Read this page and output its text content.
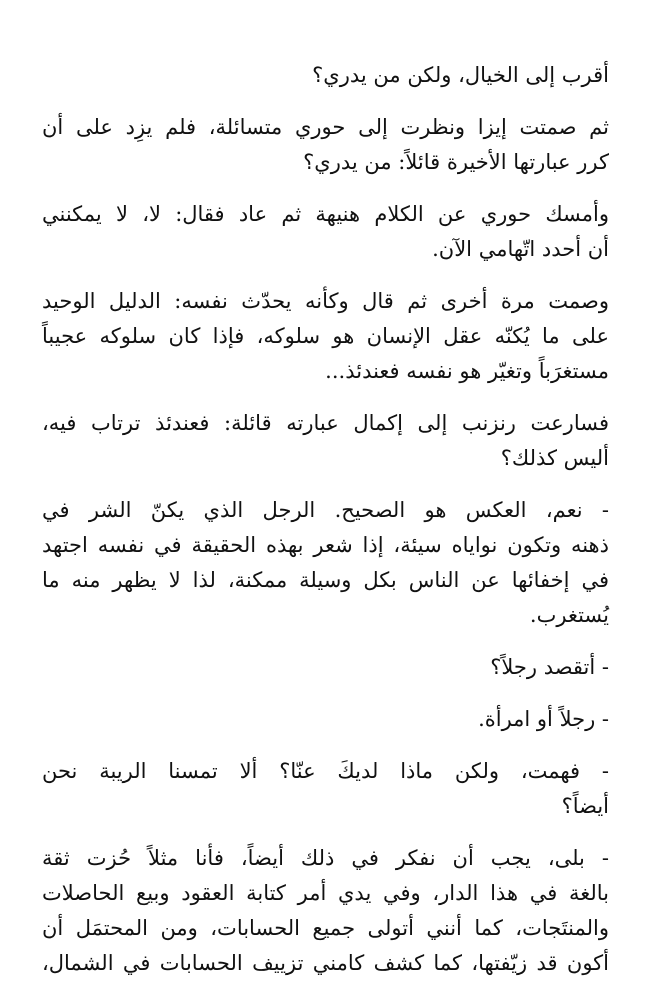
أقرب إلى الخيال، ولكن من يدري؟
ثم صمتت إيزا ونظرت إلى حوري متسائلة، فلم يزِد على أن
كرر عبارتها الأخيرة قائلاً: من يدري؟
وأمسك حوري عن الكلام هنيهة ثم عاد فقال: لا، لا يمكنني
أن أحدد اتّهامي الآن.
وصمت مرة أخرى ثم قال وكأنه يحدّث نفسه: الدليل الوحيد
على ما يُكنّه عقل الإنسان هو سلوكه، فإذا كان سلوكه عجيباً
مستغرَباً وتغيّر هو نفسه فعندئذ...
فسارعت رنزنب إلى إكمال عبارته قائلة: فعندئذ ترتاب فيه،
أليس كذلك؟
- نعم، العكس هو الصحيح. الرجل الذي يكنّ الشر في
ذهنه وتكون نواياه سيئة، إذا شعر بهذه الحقيقة في نفسه اجتهد
في إخفائها عن الناس بكل وسيلة ممكنة، لذا لا يظهر منه ما
يُستغرب.
- أتقصد رجلاً؟
- رجلاً أو امرأة.
- فهمت، ولكن ماذا لديكَ عنّا؟ ألا تمسنا الريبة نحن
أيضاً؟
- بلى، يجب أن نفكر في ذلك أيضاً، فأنا مثلاً حُزت ثقة
بالغة في هذا الدار، وفي يدي أمر كتابة العقود وبيع الحاصلات
والمنتَجات، كما أنني أتولى جميع الحسابات، ومن المحتمَل أن
أكون قد زيّفتها، كما كشف كامني تزييف الحسابات في الشمال،
